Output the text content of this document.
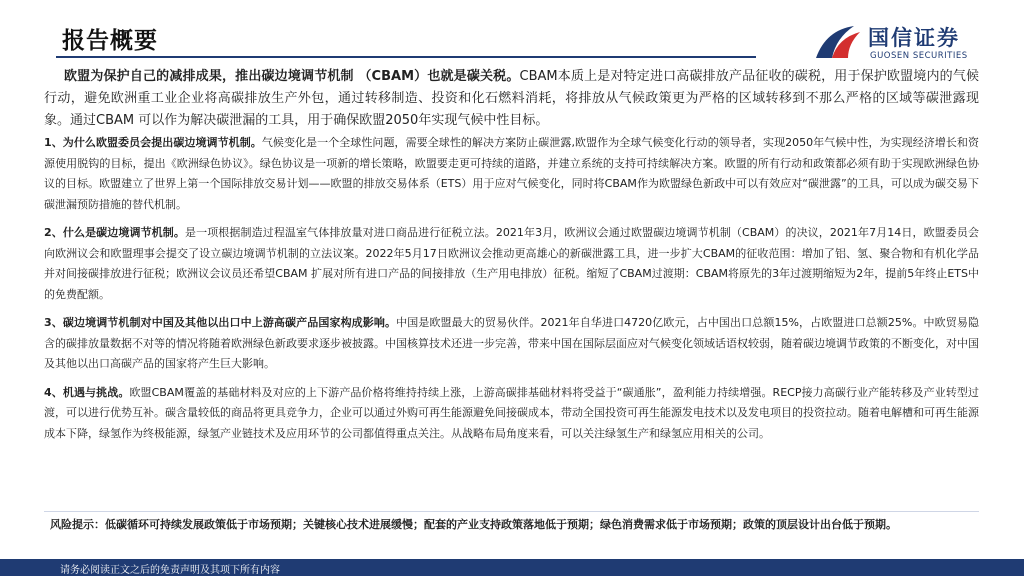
报告概要	国信证券
GUOSEN SECURITIES

欧盟为保护自己的减排成果，推出碳边境调节机制 （CBAM）也就是碳关税。CBAM本质上是对特定进口高碳排放产品征收的碳税，用于保护欧盟境内的气候行动，避免欧洲重工业企业将高碳排放生产外包，通过转移制造、投资和化石燃料消耗，将排放从气候政策更为严格的区域转移到不那么严格的区域等碳泄露现象。通过CBAM 可以作为解决碳泄漏的工具，用于确保欧盟2050年实现气候中性目标。

1、为什么欧盟委员会提出碳边境调节机制。气候变化是一个全球性问题，需要全球性的解决方案防止碳泄露,欧盟作为全球气候变化行动的领导者，实现2050年气候中性，为实现经济增长和资源使用脱钩的目标，提出《欧洲绿色协议》。绿色协议是一项新的增长策略，欧盟要走更可持续的道路，并建立系统的支持可持续解决方案。欧盟的所有行动和政策都必须有助于实现欧洲绿色协议的目标。欧盟建立了世界上第一个国际排放交易计划——欧盟的排放交易体系（ETS）用于应对气候变化，同时将CBAM作为欧盟绿色新政中可以有效应对“碳泄露”的工具，可以成为碳交易下碳泄漏预防措施的替代机制。

2、什么是碳边境调节机制。是一项根据制造过程温室气体排放量对进口商品进行征税立法。2021年3月，欧洲议会通过欧盟碳边境调节机制（CBAM）的决议，2021年7月14日，欧盟委员会向欧洲议会和欧盟理事会提交了设立碳边境调节机制的立法议案。2022年5月17日欧洲议会推动更高雄心的新碳泄露工具，进一步扩大CBAM的征收范围：增加了铝、氢、聚合物和有机化学品并对间接碳排放进行征税；欧洲议会议员还希望CBAM 扩展对所有进口产品的间接排放（生产用电排放）征税。缩短了CBAM过渡期：CBAM将原先的3年过渡期缩短为2年，提前5年终止ETS中的免费配额。

3、碳边境调节机制对中国及其他以出口中上游高碳产品国家构成影响。中国是欧盟最大的贸易伙伴。2021年自华进口4720亿欧元，占中国出口总额15%，占欧盟进口总额25%。中欧贸易隐含的碳排放量数据不对等的情况将随着欧洲绿色新政要求逐步被披露。中国核算技术还进一步完善，带来中国在国际层面应对气候变化领域话语权较弱，随着碳边境调节政策的不断变化，对中国及其他以出口高碳产品的国家将产生巨大影响。

4、机遇与挑战。欧盟CBAM覆盖的基础材料及对应的上下游产品价格将维持持续上涨，上游高碳排基础材料将受益于“碳通胀”，盈利能力持续增强。RECP接力高碳行业产能转移及产业转型过渡，可以进行优势互补。碳含量较低的商品将更具竞争力，企业可以通过外购可再生能源避免间接碳成本，带动全国投资可再生能源发电技术以及发电项目的投资拉动。随着电解槽和可再生能源成本下降，绿氢作为终极能源，绿氢产业链技术及应用环节的公司都值得重点关注。从战略布局角度来看，可以关注绿氢生产和绿氢应用相关的公司。

风险提示：低碳循环可持续发展政策低于市场预期；关键核心技术进展缓慢；配套的产业支持政策落地低于预期；绿色消费需求低于市场预期；政策的顶层设计出台低于预期。
请务必阅读正文之后的免责声明及其项下所有内容
